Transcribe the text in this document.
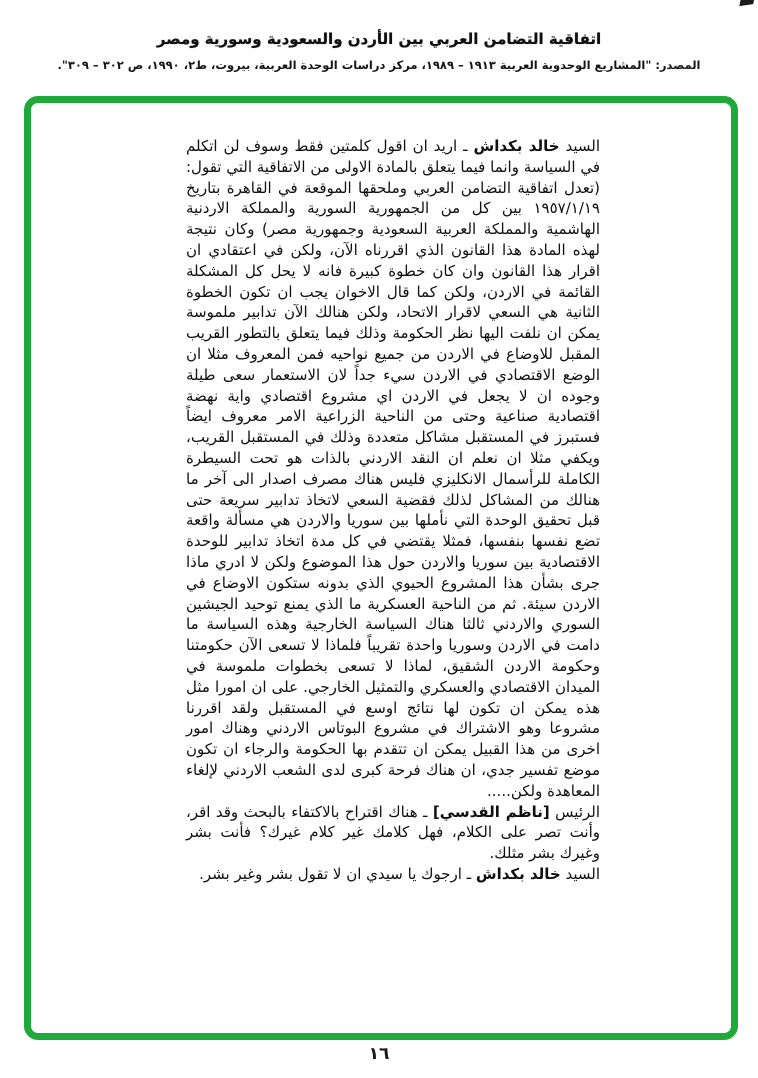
اتفاقية التضامن العربي بين الأردن والسعودية وسورية ومصر
المصدر: "المشاريع الوحدوية العربية ١٩١٣ – ١٩٨٩، مركز دراسات الوحدة العربية، بيروت، ط٢، ١٩٩٠، ص ٣٠٢ – ٣٠٩".

السيد خالد بكداش ـ اريد ان اقول كلمتين فقط وسوف لن اتكلم في السياسة وانما فيما يتعلق بالمادة الاولى من الاتفاقية التي تقول: (تعدل اتفاقية التضامن العربي وملحقها الموقعة في القاهرة بتاريخ ١٩٥٧/١/١٩ بين كل من الجمهورية السورية والمملكة الاردنية الهاشمية والمملكة العربية السعودية وجمهورية مصر) وكان نتيجة لهذه المادة هذا القانون الذي اقررناه الآن، ولكن في اعتقادي ان اقرار هذا القانون وان كان خطوة كبيرة فانه لا يحل كل المشكلة القائمة في الاردن، ولكن كما قال الاخوان يجب ان تكون الخطوة الثانية هي السعي لاقرار الاتحاد، ولكن هنالك الآن تدابير ملموسة يمكن ان نلفت اليها نظر الحكومة وذلك فيما يتعلق بالتطور القريب المقبل للاوضاع في الاردن من جميع نواحيه فمن المعروف مثلا ان الوضع الاقتصادي في الاردن سيء جداً لان الاستعمار سعى طيلة وجوده ان لا يجعل في الاردن اي مشروع اقتصادي واية نهضة اقتصادية صناعية وحتى من الناحية الزراعية الامر معروف ايضاً فستبرز في المستقبل مشاكل متعددة وذلك في المستقبل القريب، ويكفي مثلا ان نعلم ان النقد الاردني بالذات هو تحت السيطرة الكاملة للرأسمال الانكليزي فليس هناك مصرف اصدار الى آخر ما هنالك من المشاكل لذلك فقضية السعي لاتخاذ تدابير سريعة حتى قبل تحقيق الوحدة التي نأملها بين سوريا والاردن هي مسألة واقعة تضع نفسها بنفسها، فمثلا يقتضي في كل مدة اتخاذ تدابير للوحدة الاقتصادية بين سوريا والاردن حول هذا الموضوع ولكن لا ادري ماذا جرى بشأن هذا المشروع الحيوي الذي بدونه ستكون الاوضاع في الاردن سيئة. ثم من الناحية العسكرية ما الذي يمنع توحيد الجيشين السوري والاردني ثالثا هناك السياسة الخارجية وهذه السياسة ما دامت في الاردن وسوريا واحدة تقريباً فلماذا لا تسعى الآن حكومتنا وحكومة الاردن الشقيق، لماذا لا تسعى بخطوات ملموسة في الميدان الاقتصادي والعسكري والتمثيل الخارجي. على ان امورا مثل هذه يمكن ان تكون لها نتائج اوسع في المستقبل ولقد اقررنا مشروعا وهو الاشتراك في مشروع البوتاس الاردني وهناك امور اخرى من هذا القبيل يمكن ان تتقدم بها الحكومة والرجاء ان تكون موضع تفسير جدي، ان هناك فرحة كبرى لدى الشعب الاردني لإلغاء المعاهدة ولكن.....

الرئيس [ناظم القدسي] ـ هناك اقتراح بالاكتفاء بالبحث وقد اقر، وأنت تصر على الكلام، فهل كلامك غير كلام غيرك؟ فأنت بشر وغيرك بشر مثلك.

السيد خالد بكداش ـ ارجوك يا سيدي ان لا تقول بشر وغير بشر.

١٦
